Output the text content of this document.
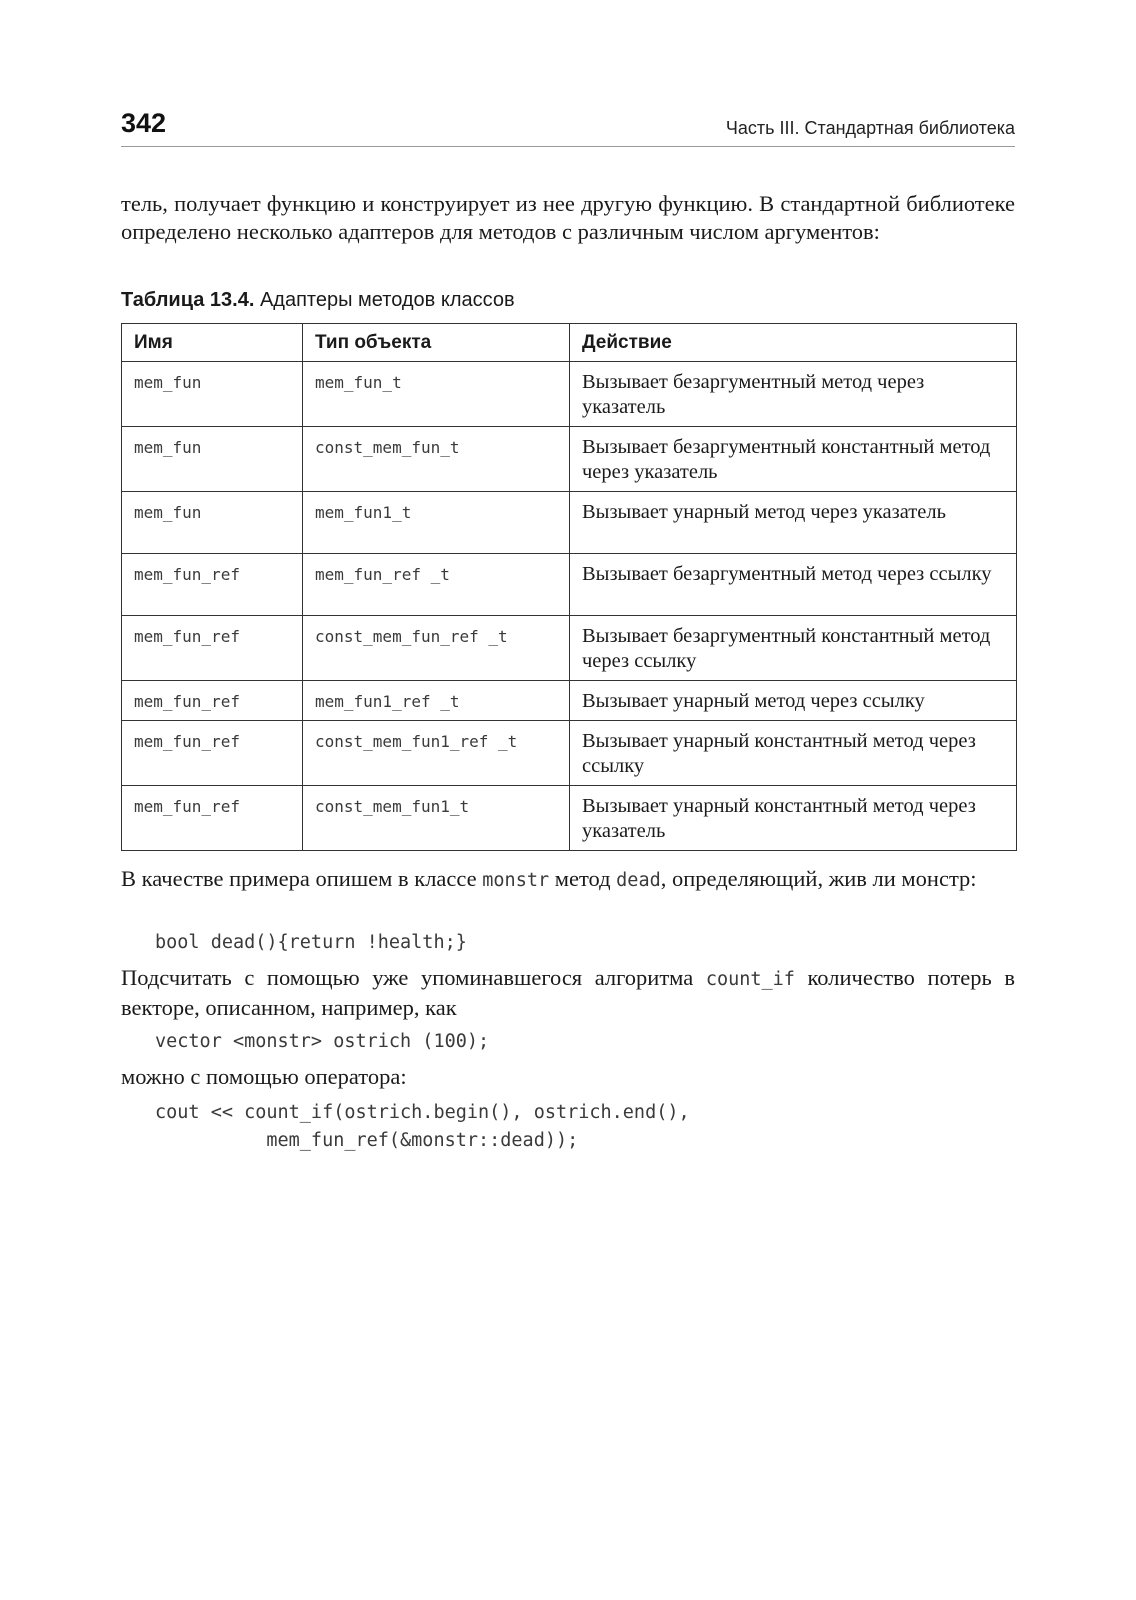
342	Часть III. Стандартная библиотека

тель, получает функцию и конструирует из нее другую функцию. В стандартной библиотеке определено несколько адаптеров для методов с различным числом аргументов:

Таблица 13.4. Адаптеры методов классов
Имя	Тип объекта	Действие
mem_fun	mem_fun_t	Вызывает безаргументный метод через указатель
mem_fun	const_mem_fun_t	Вызывает безаргументный константный метод через указатель
mem_fun	mem_fun1_t	Вызывает унарный метод через указатель
mem_fun_ref	mem_fun_ref _t	Вызывает безаргументный метод через ссылку
mem_fun_ref	const_mem_fun_ref _t	Вызывает безаргументный константный метод через ссылку
mem_fun_ref	mem_fun1_ref _t	Вызывает унарный метод через ссылку
mem_fun_ref	const_mem_fun1_ref _t	Вызывает унарный константный метод через ссылку
mem_fun_ref	const_mem_fun1_t	Вызывает унарный константный метод через указатель

В качестве примера опишем в классе monstr метод dead, определяющий, жив ли монстр:

bool dead(){return !health;}

Подсчитать с помощью уже упоминавшегося алгоритма count_if количество потерь в векторе, описанном, например, как

vector <monstr> ostrich (100);

можно с помощью оператора:

cout << count_if(ostrich.begin(), ostrich.end(),
mem_fun_ref(&monstr::dead));
